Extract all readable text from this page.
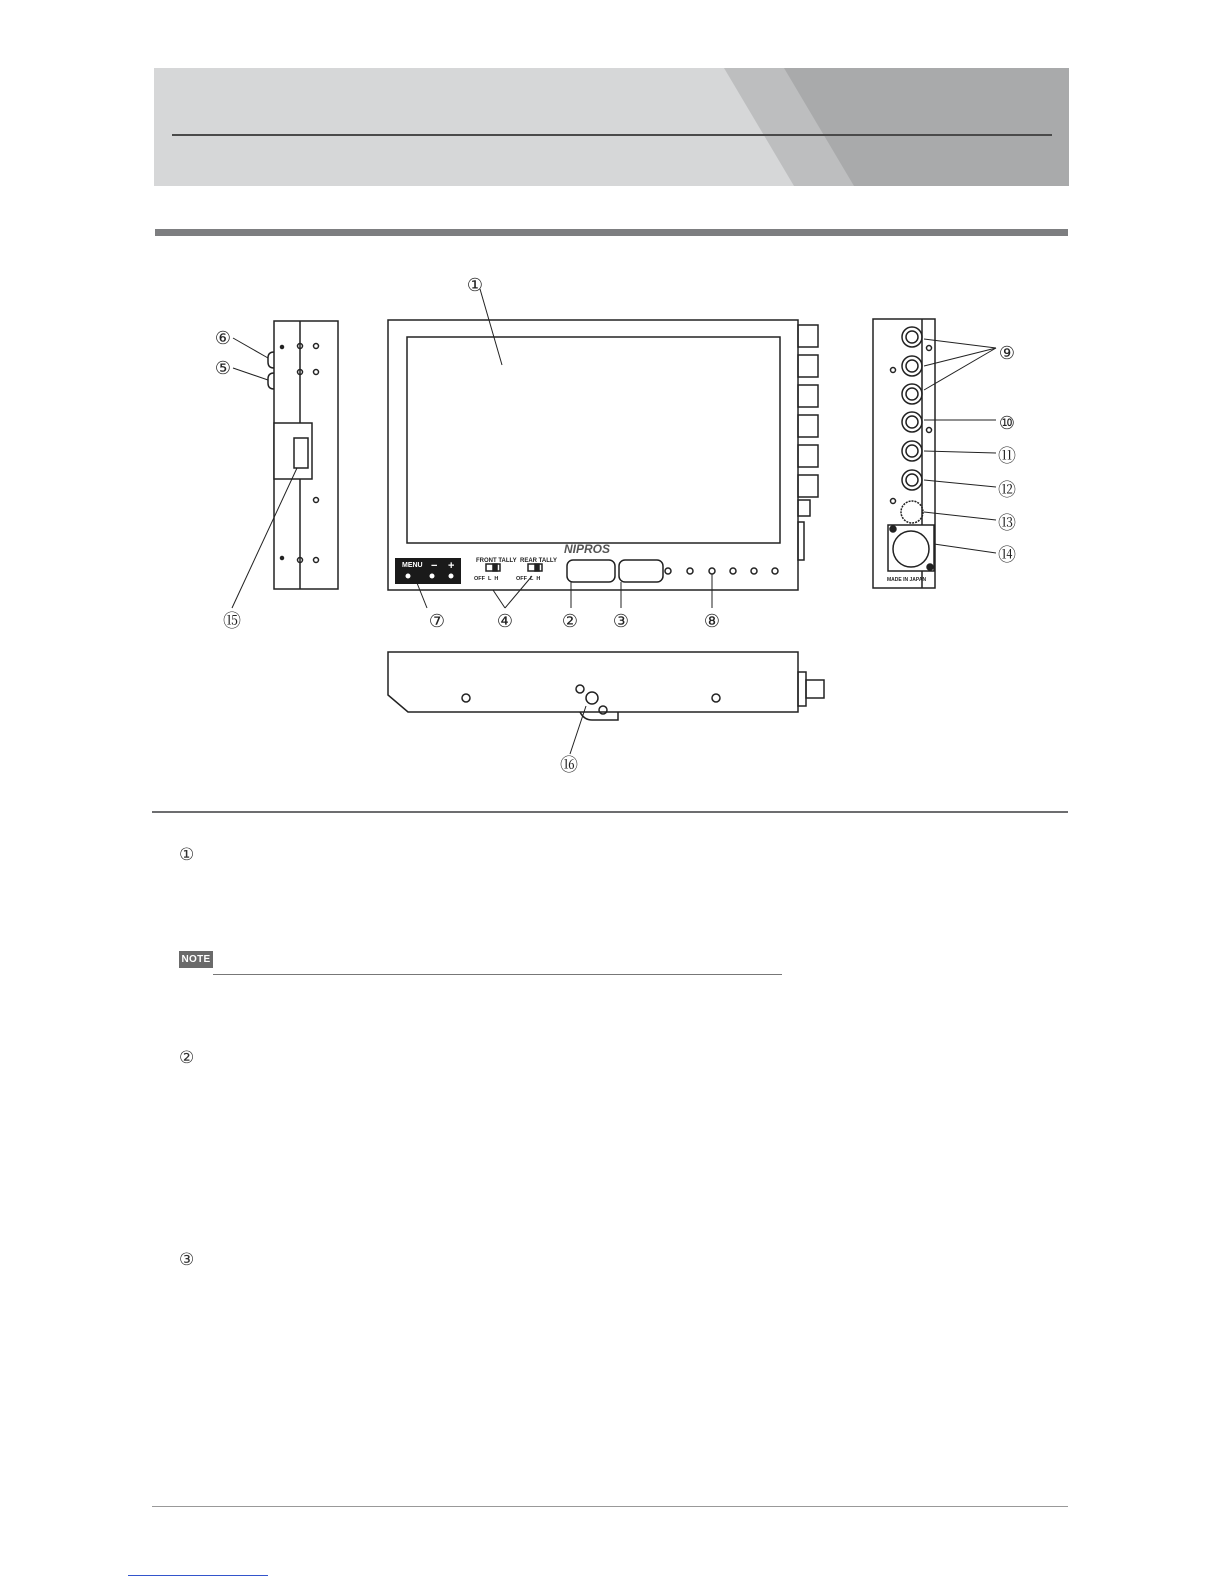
NIPROS
MENU − +	FRONT TALLY REAR TALLY
OFF  L  H	OFF  L  H	MADE IN JAPAN
①
② ③
④
⑤
⑥
⑦	⑧
⑨
⑩
⑪
⑫
⑬
⑭
⑮
⑯
①
NOTE
②
③
